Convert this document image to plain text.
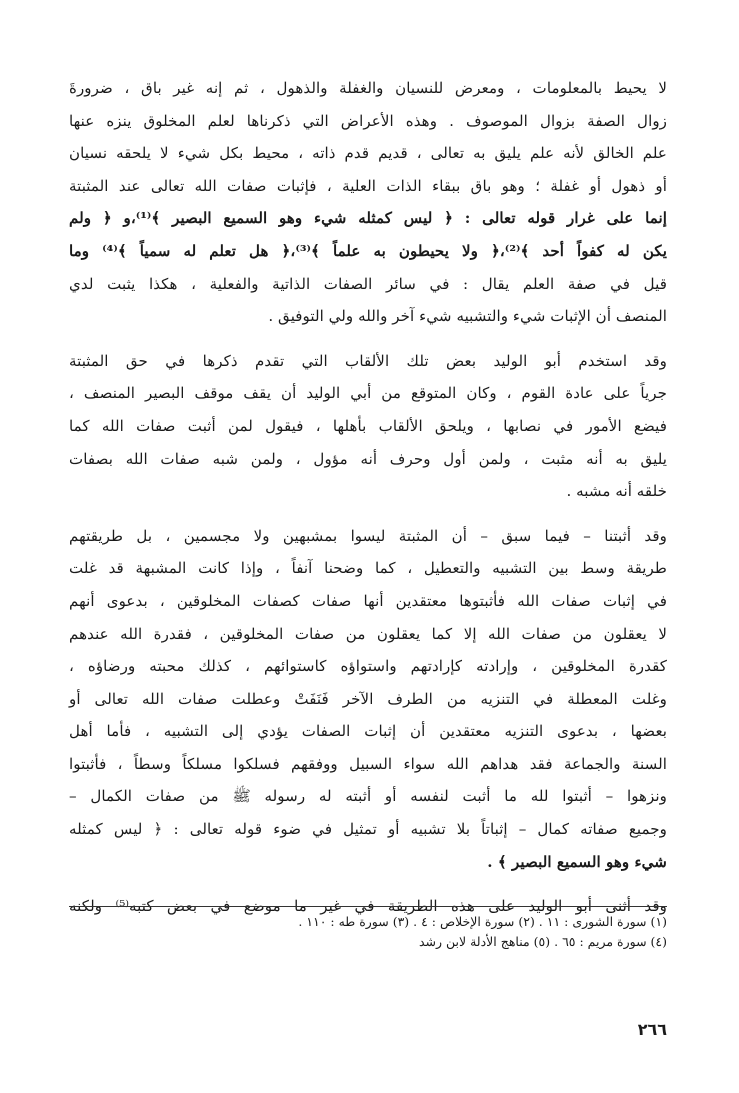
لا يحيط بالمعلومات ، ومعرض للنسيان والغفلة والذهول ، ثم إنه غير باق ، ضرورةَ
زوال الصفة بزوال الموصوف . وهذه الأعراض التي ذكرناها لعلم المخلوق ينزه عنها
علم الخالق لأنه علم يليق به تعالى ، قديم قدم ذاته ، محيط بكل شيء لا يلحقه نسيان
أو ذهول أو غفلة ؛ وهو باق ببقاء الذات العلية ، فإثبات صفات الله تعالى عند المثبتة
إنما على غرار قوله تعالى : ﴿ ليس كمثله شيء وهو السميع البصير ﴾⁽¹⁾،و ﴿ ولم
يكن له كفواً أحد ﴾⁽²⁾،﴿ ولا يحيطون به علماً ﴾⁽³⁾،﴿ هل تعلم له سمياً ﴾⁽⁴⁾ وما
قيل في صفة العلم يقال : في سائر الصفات الذاتية والفعلية ، هكذا يثبت لدي
المنصف أن الإثبات شيء والتشبيه شيء آخر والله ولي التوفيق .

وقد استخدم أبو الوليد بعض تلك الألقاب التي تقدم ذكرها في حق المثبتة
جرياً على عادة القوم ، وكان المتوقع من أبي الوليد أن يقف موقف البصير المنصف ،
فيضع الأمور في نصابها ، ويلحق الألقاب بأهلها ، فيقول لمن أثبت صفات الله كما
يليق به أنه مثبت ، ولمن أول وحرف أنه مؤول ، ولمن شبه صفات الله بصفات
خلقه أنه مشبه .

وقد أثبتنا – فيما سبق – أن المثبتة ليسوا بمشبهين ولا مجسمين ، بل طريقتهم
طريقة وسط بين التشبيه والتعطيل ، كما وضحنا آنفاً ، وإذا كانت المشبهة قد غلت
في إثبات صفات الله فأثبتوها معتقدين أنها صفات كصفات المخلوقين ، بدعوى أنهم
لا يعقلون من صفات الله إلا كما يعقلون من صفات المخلوقين ، فقدرة الله عندهم
كقدرة المخلوقين ، وإرادته كإرادتهم واستواؤه كاستوائهم ، كذلك محبته ورضاؤه ،
وغلت المعطلة في التنزيه من الطرف الآخر فَنَفَتْ وعطلت صفات الله تعالى أو
بعضها ، بدعوى التنزيه معتقدين أن إثبات الصفات يؤدي إلى التشبيه ، فأما أهل
السنة والجماعة فقد هداهم الله سواء السبيل ووفقهم فسلكوا مسلكاً وسطاً ، فأثبتوا
ونزهوا – أثبتوا لله ما أثبت لنفسه أو أثبته له رسوله ﷺ من صفات الكمال –
وجميع صفاته كمال – إثباتاً بلا تشبيه أو تمثيل في ضوء قوله تعالى : ﴿ ليس كمثله
شيء وهو السميع البصير ﴾ .

وقد أثنى أبو الوليد على هذه الطريقة في غير ما موضع في بعض كتبه⁽⁵⁾ ولكنه

(١) سورة الشورى : ١١ . (٢) سورة الإخلاص : ٤ . (٣) سورة طه : ١١٠ .
(٤) سورة مريم : ٦٥ . (٥) مناهج الأدلة لابن رشد
٢٦٦
